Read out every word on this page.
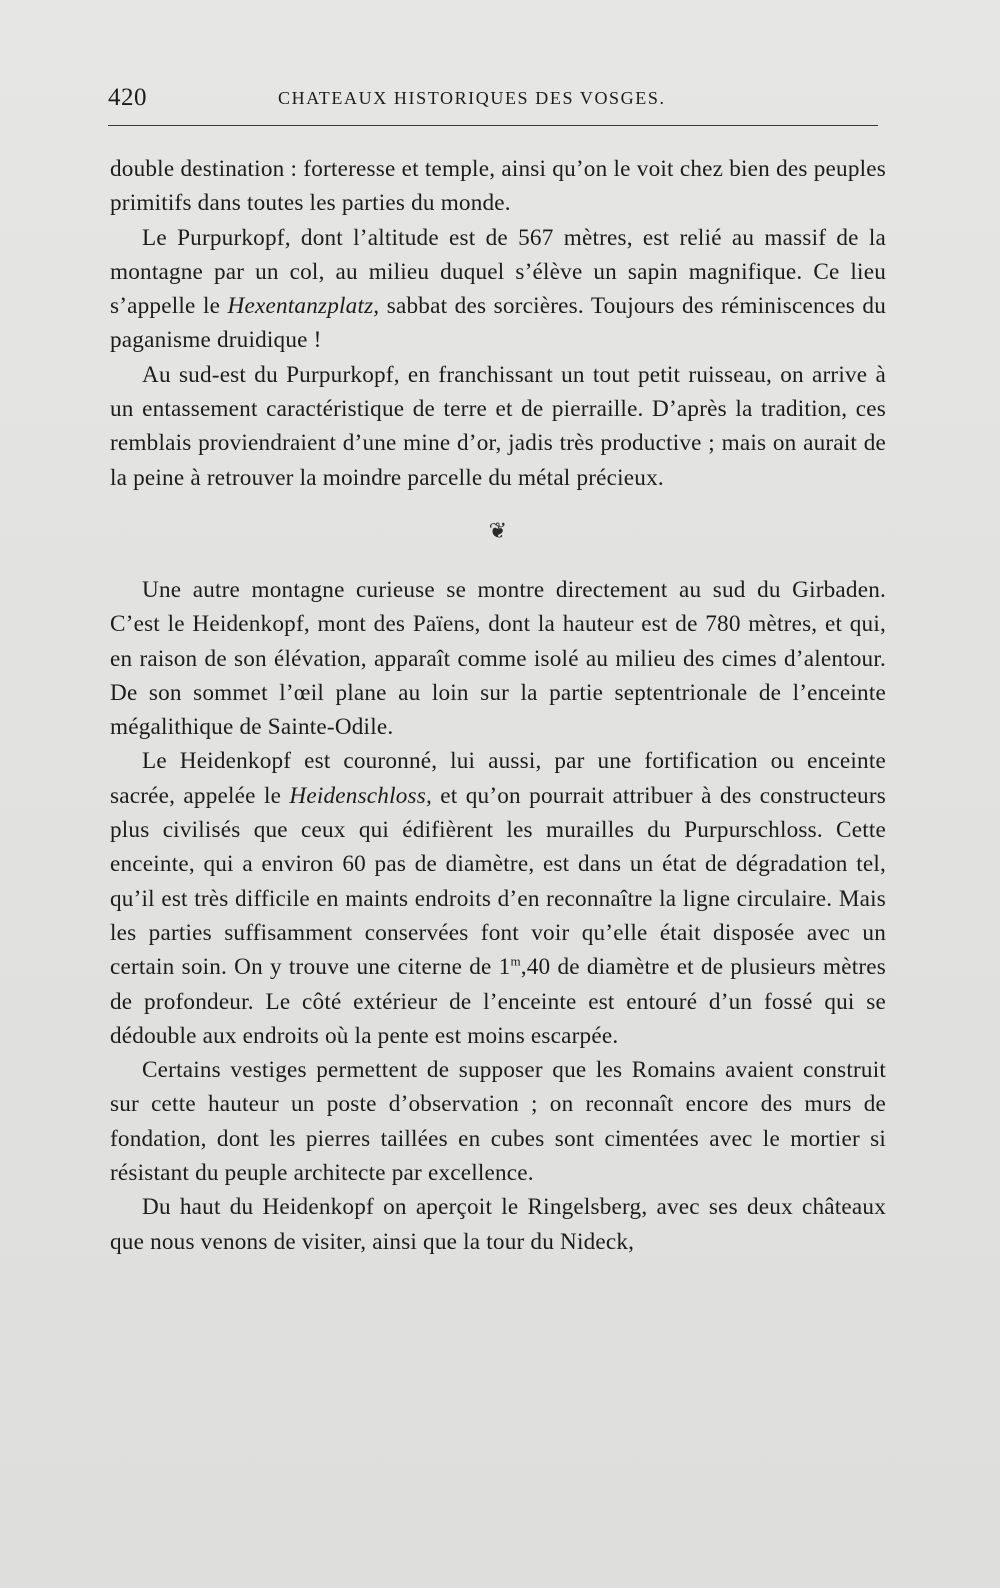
420	CHATEAUX HISTORIQUES DES VOSGES.

double destination : forteresse et temple, ainsi qu’on le voit chez bien des peuples primitifs dans toutes les parties du monde.

Le Purpurkopf, dont l’altitude est de 567 mètres, est relié au massif de la montagne par un col, au milieu duquel s’élève un sapin magnifique. Ce lieu s’appelle le Hexentanzplatz, sabbat des sorcières. Toujours des réminiscences du paganisme druidique !

Au sud-est du Purpurkopf, en franchissant un tout petit ruisseau, on arrive à un entassement caractéristique de terre et de pierraille. D’après la tradition, ces remblais proviendraient d’une mine d’or, jadis très productive ; mais on aurait de la peine à retrouver la moindre parcelle du métal précieux.

❦

Une autre montagne curieuse se montre directement au sud du Girbaden. C’est le Heidenkopf, mont des Païens, dont la hauteur est de 780 mètres, et qui, en raison de son élévation, apparaît comme isolé au milieu des cimes d’alentour. De son sommet l’œil plane au loin sur la partie septentrionale de l’enceinte mégalithique de Sainte-Odile.

Le Heidenkopf est couronné, lui aussi, par une fortification ou enceinte sacrée, appelée le Heidenschloss, et qu’on pourrait attribuer à des constructeurs plus civilisés que ceux qui édifièrent les murailles du Purpurschloss. Cette enceinte, qui a environ 60 pas de diamètre, est dans un état de dégradation tel, qu’il est très difficile en maints endroits d’en reconnaître la ligne circulaire. Mais les parties suffisamment conservées font voir qu’elle était disposée avec un certain soin. On y trouve une citerne de 1$^m$,40 de diamètre et de plusieurs mètres de profondeur. Le côté extérieur de l’enceinte est entouré d’un fossé qui se dédouble aux endroits où la pente est moins escarpée.

Certains vestiges permettent de supposer que les Romains avaient construit sur cette hauteur un poste d’observation ; on reconnaît encore des murs de fondation, dont les pierres taillées en cubes sont cimentées avec le mortier si résistant du peuple architecte par excellence.

Du haut du Heidenkopf on aperçoit le Ringelsberg, avec ses deux châteaux que nous venons de visiter, ainsi que la tour du Nideck,
